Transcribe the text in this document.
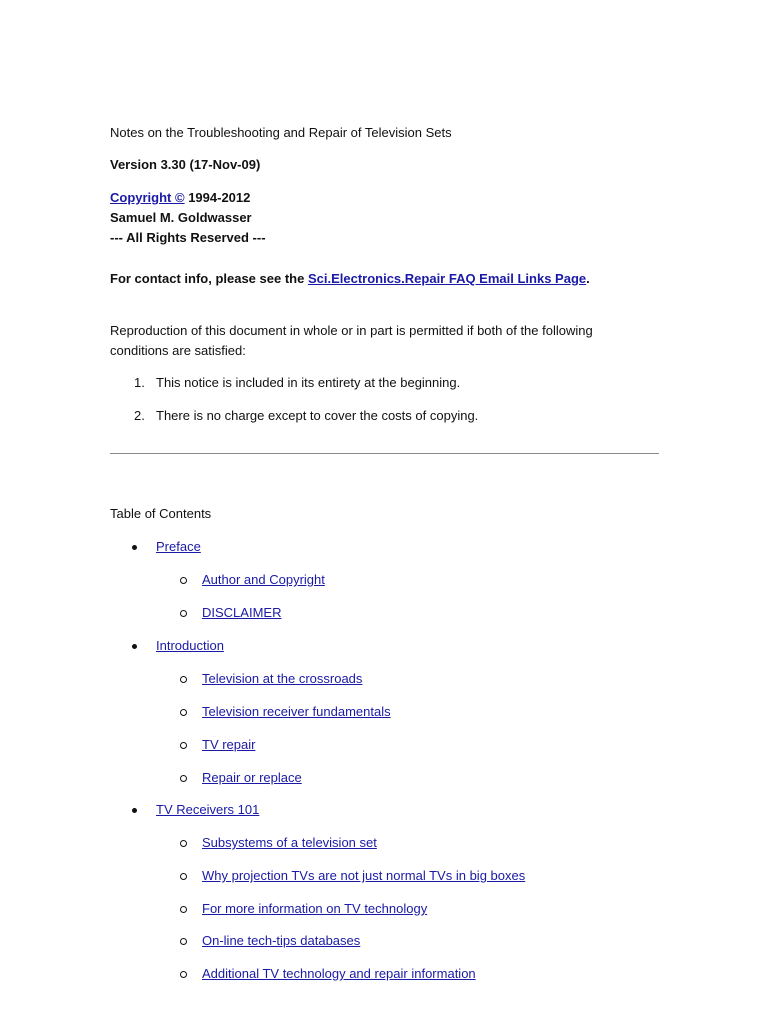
Notes on the Troubleshooting and Repair of Television Sets
Version 3.30 (17-Nov-09)
Copyright © 1994-2012
Samuel M. Goldwasser
--- All Rights Reserved ---
For contact info, please see the Sci.Electronics.Repair FAQ Email Links Page.
Reproduction of this document in whole or in part is permitted if both of the following conditions are satisfied:
1. This notice is included in its entirety at the beginning.
2. There is no charge except to cover the costs of copying.
Table of Contents
Preface
Author and Copyright
DISCLAIMER
Introduction
Television at the crossroads
Television receiver fundamentals
TV repair
Repair or replace
TV Receivers 101
Subsystems of a television set
Why projection TVs are not just normal TVs in big boxes
For more information on TV technology
On-line tech-tips databases
Additional TV technology and repair information
